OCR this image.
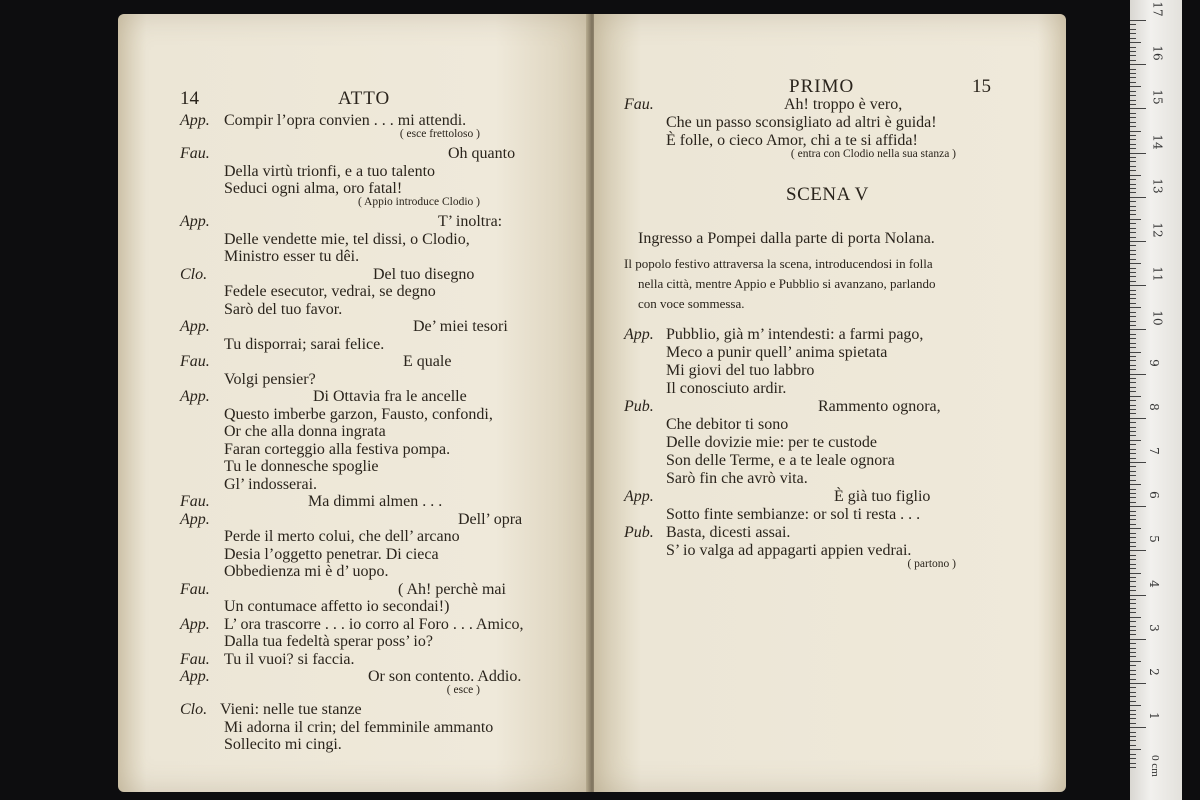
14	ATTO
App. Compir l’opra convien . . . mi attendi.
( esce frettoloso )
Fau.	Oh quanto
Della virtù trionfi, e a tuo talento
Seduci ogni alma, oro fatal!
( Appio introduce Clodio )
App.	T’ inoltra:
Delle vendette mie, tel dissi, o Clodio,
Ministro esser tu dêi.
Clo.	Del tuo disegno
Fedele esecutor, vedrai, se degno
Sarò del tuo favor.
App.	De’ miei tesori
Tu disporrai; sarai felice.
Fau.	E quale
Volgi pensier?
App.	Di Ottavia fra le ancelle
Questo imberbe garzon, Fausto, confondi,
Or che alla donna ingrata
Faran corteggio alla festiva pompa.
Tu le donnesche spoglie
Gl’ indosserai.
Fau.	Ma dimmi almen . . .
App.	Dell’ opra
Perde il merto colui, che dell’ arcano
Desia l’oggetto penetrar. Di cieca
Obbedienza mi è d’ uopo.
Fau.	( Ah! perchè mai
Un contumace affetto io secondai!)
App. L’ ora trascorre . . . io corro al Foro . . . Amico,
Dalla tua fedeltà sperar poss’ io?
Fau. Tu il vuoi? si faccia.
App.	Or son contento. Addio.
( esce )
Clo. Vieni: nelle tue stanze
Mi adorna il crin; del femminile ammanto
Sollecito mi cingi.
PRIMO	15
Fau.	Ah! troppo è vero,
Che un passo sconsigliato ad altri è guida!
È folle, o cieco Amor, chi a te si affida!
( entra con Clodio nella sua stanza )
SCENA V
Ingresso a Pompei dalla parte di porta Nolana.
Il popolo festivo attraversa la scena, introducendosi in folla
nella città, mentre Appio e Pubblio si avanzano, parlando
con voce sommessa.
App. Pubblio, già m’ intendesti: a farmi pago,
Meco a punir quell’ anima spietata
Mi giovi del tuo labbro
Il conosciuto ardir.
Pub.	Rammento ognora,
Che debitor ti sono
Delle dovizie mie: per te custode
Son delle Terme, e a te leale ognora
Sarò fin che avrò vita.
App.	È già tuo figlio
Sotto finte sembianze: or sol ti resta . . .
Pub. Basta, dicesti assai.
S’ io valga ad appagarti appien vedrai.
( partono )
17
16
15
14
13
12
11
10
9
8
7
6
5
4
3
2
1
0 cm
